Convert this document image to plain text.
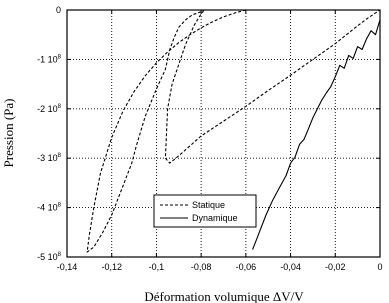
-0,14	-0,12	-0,1	-0,08	-0,06	-0,04	-0,02	0
0
-1 $10^8$
-2 $10^8$
-3 $10^8$
-4 $10^8$
-5 $10^8$
Déformation volumique ΔV/V
Pression (Pa)
Statique
Dynamique
